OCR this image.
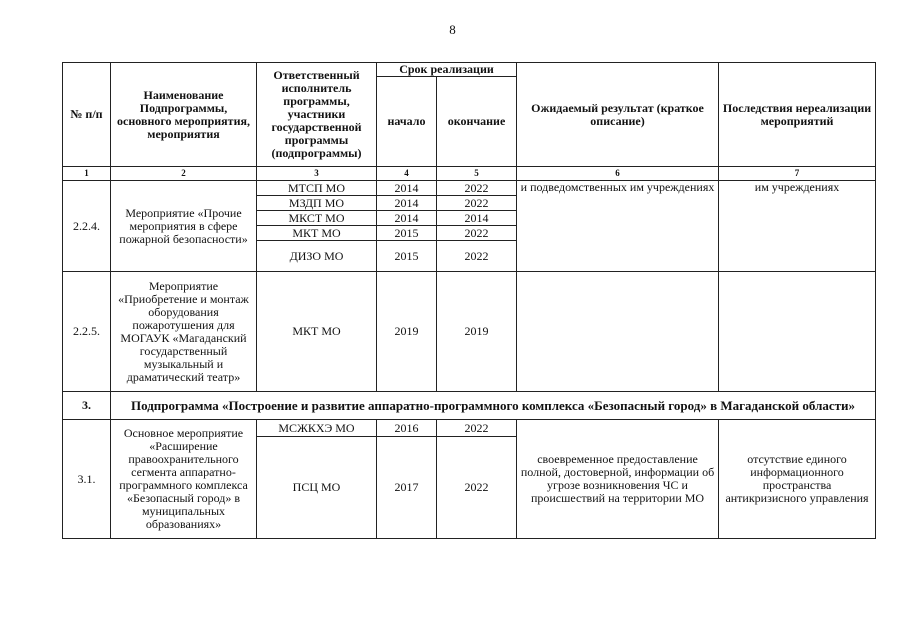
8
№ п/п	Наименование Подпрограммы, основного мероприятия, мероприятия	Ответственный исполнитель программы, участники государственной программы (подпрограммы)	Срок реализации		Ожидаемый результат (краткое описание)	Последствия нереализации мероприятий
			начало	окончание		
1	2	3	4	5	6	7
2.2.4.	Мероприятие «Прочие мероприятия в сфере пожарной безопасности»	МТСП МО	2014	2022	и подведомственных им учреждениях	им учреждениях
		МЗДП МО	2014	2022		
		МКСТ МО	2014	2014		
		МКТ МО	2015	2022		
		ДИЗО МО	2015	2022		
2.2.5.	Мероприятие «Приобретение и монтаж оборудования пожаротушения для МОГАУК «Магаданский государственный музыкальный и драматический театр»	МКТ МО	2019	2019		
3.	Подпрограмма «Построение и развитие аппаратно-программного комплекса «Безопасный город» в Магаданской области»					
3.1.	Основное мероприятие «Расширение правоохранительного сегмента аппаратно-программного комплекса «Безопасный город» в муниципальных образованиях»	МСЖКХЭ МО	2016	2022	своевременное предоставление полной, достоверной, информации об угрозе возникновения ЧС и происшествий на территории МО	отсутствие единого информационного пространства антикризисного управления
		ПСЦ МО	2017	2022		
